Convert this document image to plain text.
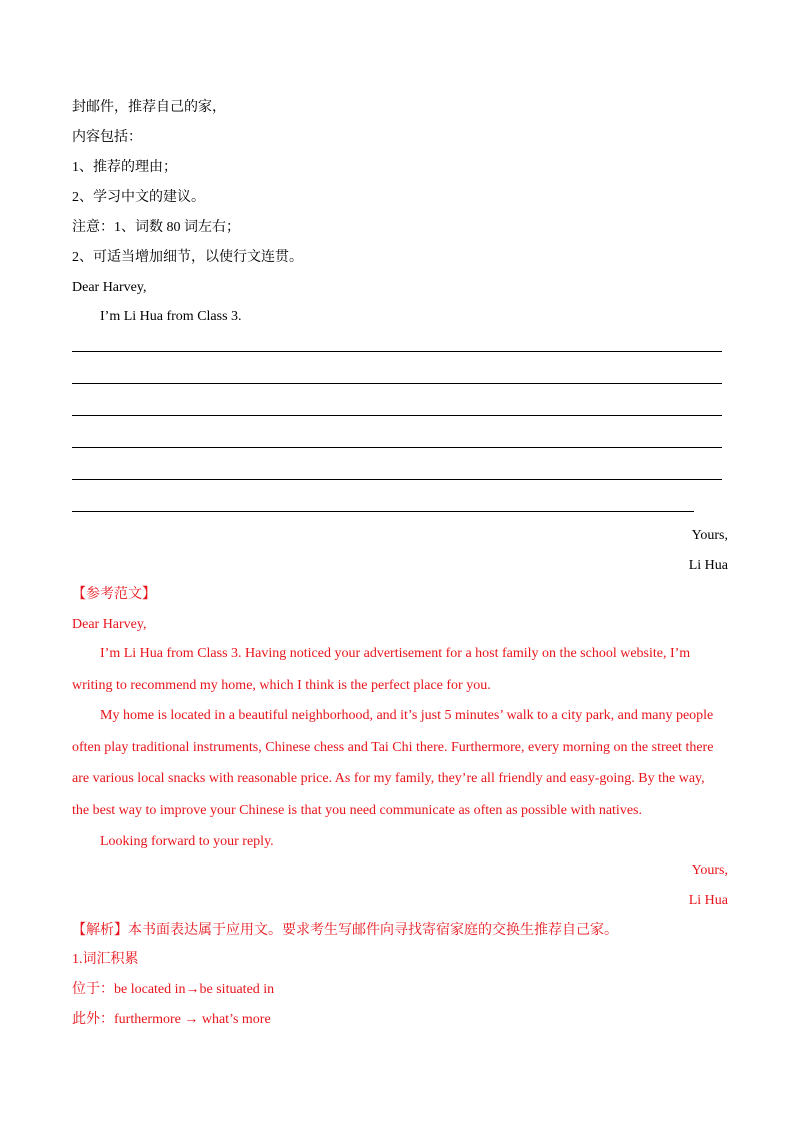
封邮件，推荐自己的家，
内容包括：
1、推荐的理由；
2、学习中文的建议。
注意：1、词数 80 词左右；
2、可适当增加细节，以使行文连贯。
Dear Harvey,
I’m Li Hua from Class 3.
Yours,
Li Hua
【参考范文】
Dear Harvey,
I’m Li Hua from Class 3. Having noticed your advertisement for a host family on the school website, I’m
writing to recommend my home, which I think is the perfect place for you.
My home is located in a beautiful neighborhood, and it’s just 5 minutes’ walk to a city park, and many people
often play traditional instruments, Chinese chess and Tai Chi there. Furthermore, every morning on the street there
are various local snacks with reasonable price. As for my family, they’re all friendly and easy-going. By the way,
the best way to improve your Chinese is that you need communicate as often as possible with natives.
Looking forward to your reply.
Yours,
Li Hua
【解析】本书面表达属于应用文。要求考生写邮件向寻找寄宿家庭的交换生推荐自己家。
1.词汇积累
位于：be located in→be situated in
此外：furthermore → what’s more
